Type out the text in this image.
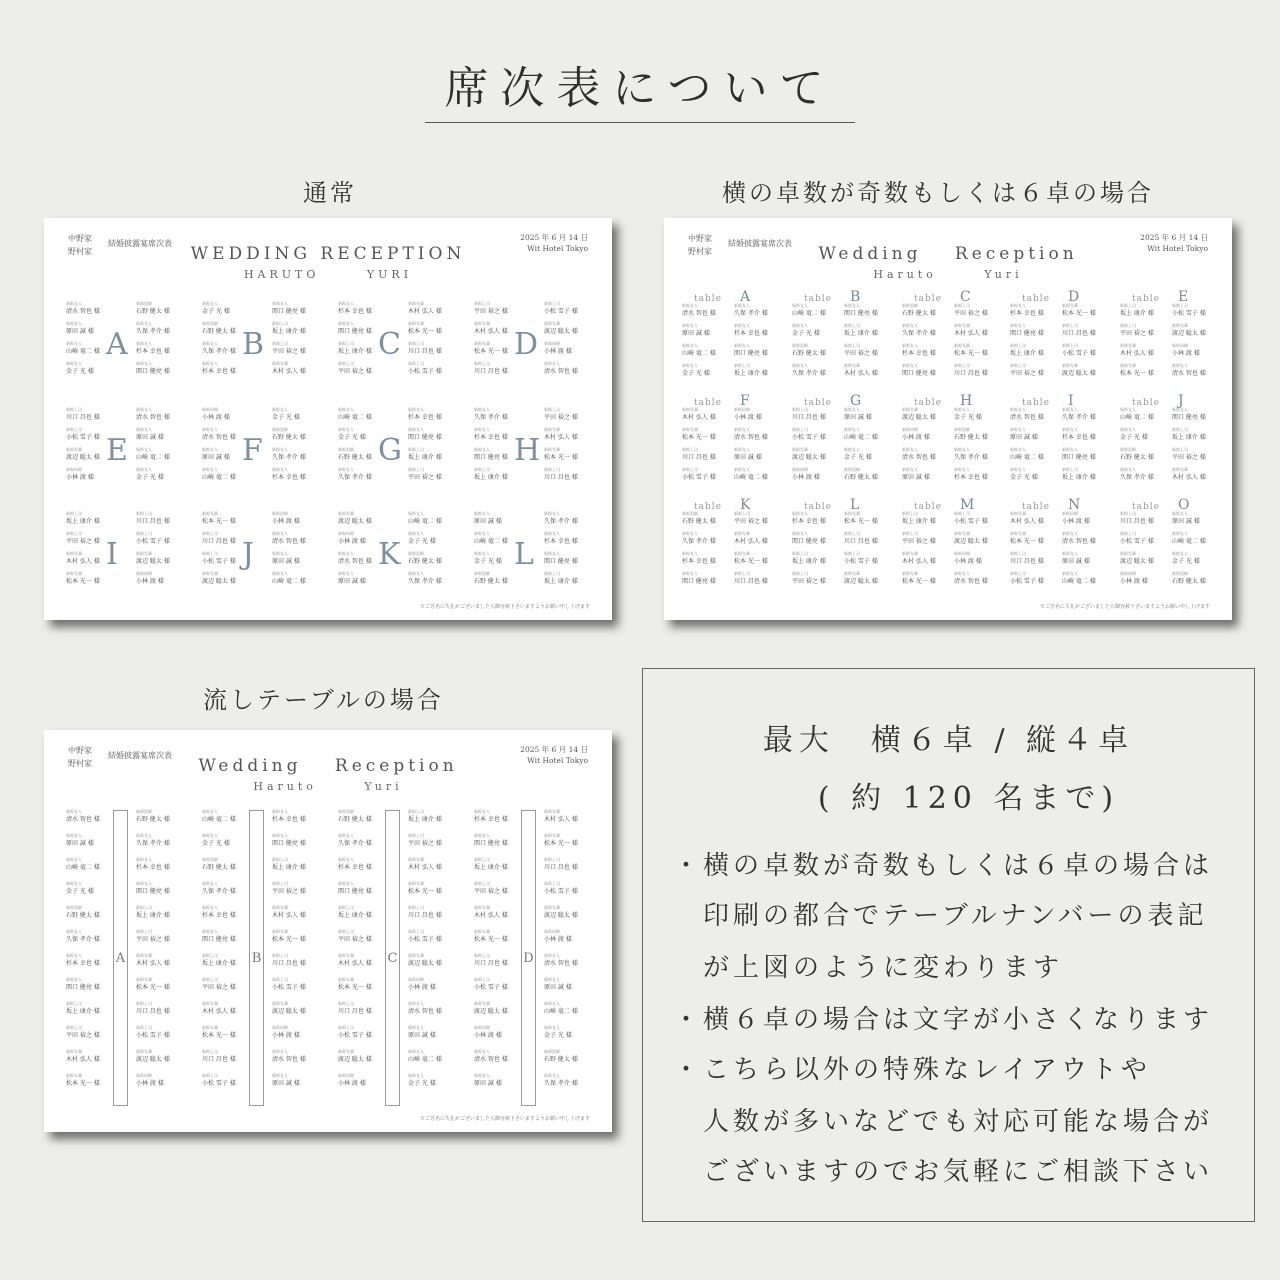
席次表について
通常	横の卓数が奇数もしくは６卓の場合
流しテーブルの場合
中野家
野村家
結婚披露宴席次表
2025 年 6 月 14 日
Wit Hotel Tokyo
WEDDING RECEPTION
HARUTO YURI
※ご芳名に失礼がございましたら御容赦下さいますようお願い申し上げます
新郎友人
清水 智也 様
新郎友人
原田 誠 様
新郎友人
山崎 竜二 様
新郎友人
金子 光 様
新郎恩師
石野 健太 様
新郎友人
久保 孝介 様
新郎友人
杉本 幸也 様
新郎友人
関口 健亮 様
A
新郎友人
金子 光 様
新郎恩師
石野 健太 様
新郎友人
久保 孝介 様
新郎友人
杉本 幸也 様
新郎友人
関口 健亮 様
新郎上司
坂上 康介 様
新郎上司
平田 裕之 様
新郎先輩
木村 弘人 様
B
新郎友人
杉本 幸也 様
新郎友人
関口 健亮 様
新郎上司
坂上 康介 様
新郎上司
平田 裕之 様
新郎先輩
木村 弘人 様
新郎先輩
松本 光一 様
新郎上司
川口 昌也 様
新郎上司
小松 雪子 様
C
新郎上司
平田 裕之 様
新郎先輩
木村 弘人 様
新郎先輩
松本 光一 様
新郎上司
川口 昌也 様
新郎上司
小松 雪子 様
新郎先輩
渡辺 聡太 様
新郎同僚
小林 渡 様
新郎友人
清水 智也 様
D
新郎上司
川口 昌也 様
新郎上司
小松 雪子 様
新郎先輩
渡辺 聡太 様
新郎同僚
小林 渡 様
新郎友人
清水 智也 様
新郎友人
原田 誠 様
新郎友人
山崎 竜二 様
新郎友人
金子 光 様
E
新郎同僚
小林 渡 様
新郎友人
清水 智也 様
新郎友人
原田 誠 様
新郎友人
山崎 竜二 様
新郎友人
金子 光 様
新郎恩師
石野 健太 様
新郎友人
久保 孝介 様
新郎友人
杉本 幸也 様
F
新郎友人
山崎 竜二 様
新郎友人
金子 光 様
新郎恩師
石野 健太 様
新郎友人
久保 孝介 様
新郎友人
杉本 幸也 様
新郎友人
関口 健亮 様
新郎上司
坂上 康介 様
新郎上司
平田 裕之 様
G
新郎友人
久保 孝介 様
新郎友人
杉本 幸也 様
新郎友人
関口 健亮 様
新郎上司
坂上 康介 様
新郎上司
平田 裕之 様
新郎先輩
木村 弘人 様
新郎先輩
松本 光一 様
新郎上司
川口 昌也 様
H
新郎上司
坂上 康介 様
新郎上司
平田 裕之 様
新郎先輩
木村 弘人 様
新郎先輩
松本 光一 様
新郎上司
川口 昌也 様
新郎上司
小松 雪子 様
新郎先輩
渡辺 聡太 様
新郎同僚
小林 渡 様
I
新郎先輩
松本 光一 様
新郎上司
川口 昌也 様
新郎上司
小松 雪子 様
新郎先輩
渡辺 聡太 様
新郎同僚
小林 渡 様
新郎友人
清水 智也 様
新郎友人
原田 誠 様
新郎友人
山崎 竜二 様
J
新郎先輩
渡辺 聡太 様
新郎同僚
小林 渡 様
新郎友人
清水 智也 様
新郎友人
原田 誠 様
新郎友人
山崎 竜二 様
新郎友人
金子 光 様
新郎恩師
石野 健太 様
新郎友人
久保 孝介 様
K
新郎友人
原田 誠 様
新郎友人
山崎 竜二 様
新郎友人
金子 光 様
新郎恩師
石野 健太 様
新郎友人
久保 孝介 様
新郎友人
杉本 幸也 様
新郎友人
関口 健亮 様
新郎上司
坂上 康介 様
L
中野家
野村家
結婚披露宴席次表
2025 年 6 月 14 日
Wit Hotel Tokyo
Wedding Reception
Haruto Yuri
※ご芳名に失礼がございましたら御容赦下さいますようお願い申し上げます
table A
新郎友人
清水 智也 様
新郎友人
原田 誠 様
新郎友人
山崎 竜二 様
新郎友人
金子 光 様
新郎友人
久保 孝介 様
新郎友人
杉本 幸也 様
新郎友人
関口 健亮 様
新郎上司
坂上 康介 様
table B
新郎友人
山崎 竜二 様
新郎友人
金子 光 様
新郎恩師
石野 健太 様
新郎友人
久保 孝介 様
新郎友人
関口 健亮 様
新郎上司
坂上 康介 様
新郎上司
平田 裕之 様
新郎先輩
木村 弘人 様
table C
新郎恩師
石野 健太 様
新郎友人
久保 孝介 様
新郎友人
杉本 幸也 様
新郎友人
関口 健亮 様
新郎上司
平田 裕之 様
新郎先輩
木村 弘人 様
新郎先輩
松本 光一 様
新郎上司
川口 昌也 様
table D
新郎友人
杉本 幸也 様
新郎友人
関口 健亮 様
新郎上司
坂上 康介 様
新郎上司
平田 裕之 様
新郎先輩
松本 光一 様
新郎上司
川口 昌也 様
新郎上司
小松 雪子 様
新郎先輩
渡辺 聡太 様
table E
新郎上司
坂上 康介 様
新郎上司
平田 裕之 様
新郎先輩
木村 弘人 様
新郎先輩
松本 光一 様
新郎上司
小松 雪子 様
新郎先輩
渡辺 聡太 様
新郎同僚
小林 渡 様
新郎友人
清水 智也 様
table F
新郎先輩
木村 弘人 様
新郎先輩
松本 光一 様
新郎上司
川口 昌也 様
新郎上司
小松 雪子 様
新郎同僚
小林 渡 様
新郎友人
清水 智也 様
新郎友人
原田 誠 様
新郎友人
山崎 竜二 様
table G
新郎上司
川口 昌也 様
新郎上司
小松 雪子 様
新郎先輩
渡辺 聡太 様
新郎同僚
小林 渡 様
新郎友人
原田 誠 様
新郎友人
山崎 竜二 様
新郎友人
金子 光 様
新郎恩師
石野 健太 様
table H
新郎先輩
渡辺 聡太 様
新郎同僚
小林 渡 様
新郎友人
清水 智也 様
新郎友人
原田 誠 様
新郎友人
金子 光 様
新郎恩師
石野 健太 様
新郎友人
久保 孝介 様
新郎友人
杉本 幸也 様
table I
新郎友人
清水 智也 様
新郎友人
原田 誠 様
新郎友人
山崎 竜二 様
新郎友人
金子 光 様
新郎友人
久保 孝介 様
新郎友人
杉本 幸也 様
新郎友人
関口 健亮 様
新郎上司
坂上 康介 様
table J
新郎友人
山崎 竜二 様
新郎友人
金子 光 様
新郎恩師
石野 健太 様
新郎友人
久保 孝介 様
新郎友人
関口 健亮 様
新郎上司
坂上 康介 様
新郎上司
平田 裕之 様
新郎先輩
木村 弘人 様
table K
新郎恩師
石野 健太 様
新郎友人
久保 孝介 様
新郎友人
杉本 幸也 様
新郎友人
関口 健亮 様
新郎上司
平田 裕之 様
新郎先輩
木村 弘人 様
新郎先輩
松本 光一 様
新郎上司
川口 昌也 様
table L
新郎友人
杉本 幸也 様
新郎友人
関口 健亮 様
新郎上司
坂上 康介 様
新郎上司
平田 裕之 様
新郎先輩
松本 光一 様
新郎上司
川口 昌也 様
新郎上司
小松 雪子 様
新郎先輩
渡辺 聡太 様
table M
新郎上司
坂上 康介 様
新郎上司
平田 裕之 様
新郎先輩
木村 弘人 様
新郎先輩
松本 光一 様
新郎上司
小松 雪子 様
新郎先輩
渡辺 聡太 様
新郎同僚
小林 渡 様
新郎友人
清水 智也 様
table N
新郎先輩
木村 弘人 様
新郎先輩
松本 光一 様
新郎上司
川口 昌也 様
新郎上司
小松 雪子 様
新郎同僚
小林 渡 様
新郎友人
清水 智也 様
新郎友人
原田 誠 様
新郎友人
山崎 竜二 様
table O
新郎上司
川口 昌也 様
新郎上司
小松 雪子 様
新郎先輩
渡辺 聡太 様
新郎同僚
小林 渡 様
新郎友人
原田 誠 様
新郎友人
山崎 竜二 様
新郎友人
金子 光 様
新郎恩師
石野 健太 様
中野家
野村家
結婚披露宴席次表
2025 年 6 月 14 日
Wit Hotel Tokyo
Wedding Reception
Haruto Yuri
※ご芳名に失礼がございましたら御容赦下さいますようお願い申し上げます
新郎友人
清水 智也 様
新郎友人
原田 誠 様
新郎友人
山崎 竜二 様
新郎友人
金子 光 様
新郎恩師
石野 健太 様
新郎友人
久保 孝介 様
新郎友人
杉本 幸也 様
新郎友人
関口 健亮 様
新郎上司
坂上 康介 様
新郎上司
平田 裕之 様
新郎先輩
木村 弘人 様
新郎先輩
松本 光一 様
新郎恩師
石野 健太 様
新郎友人
久保 孝介 様
新郎友人
杉本 幸也 様
新郎友人
関口 健亮 様
新郎上司
坂上 康介 様
新郎上司
平田 裕之 様
新郎先輩
木村 弘人 様
新郎先輩
松本 光一 様
新郎上司
川口 昌也 様
新郎上司
小松 雪子 様
新郎先輩
渡辺 聡太 様
新郎同僚
小林 渡 様
A
新郎友人
山崎 竜二 様
新郎友人
金子 光 様
新郎恩師
石野 健太 様
新郎友人
久保 孝介 様
新郎友人
杉本 幸也 様
新郎友人
関口 健亮 様
新郎上司
坂上 康介 様
新郎上司
平田 裕之 様
新郎先輩
木村 弘人 様
新郎先輩
松本 光一 様
新郎上司
川口 昌也 様
新郎上司
小松 雪子 様
新郎友人
杉本 幸也 様
新郎友人
関口 健亮 様
新郎上司
坂上 康介 様
新郎上司
平田 裕之 様
新郎先輩
木村 弘人 様
新郎先輩
松本 光一 様
新郎上司
川口 昌也 様
新郎上司
小松 雪子 様
新郎先輩
渡辺 聡太 様
新郎同僚
小林 渡 様
新郎友人
清水 智也 様
新郎友人
原田 誠 様
B
新郎恩師
石野 健太 様
新郎友人
久保 孝介 様
新郎友人
杉本 幸也 様
新郎友人
関口 健亮 様
新郎上司
坂上 康介 様
新郎上司
平田 裕之 様
新郎先輩
木村 弘人 様
新郎先輩
松本 光一 様
新郎上司
川口 昌也 様
新郎上司
小松 雪子 様
新郎先輩
渡辺 聡太 様
新郎同僚
小林 渡 様
新郎上司
坂上 康介 様
新郎上司
平田 裕之 様
新郎先輩
木村 弘人 様
新郎先輩
松本 光一 様
新郎上司
川口 昌也 様
新郎上司
小松 雪子 様
新郎先輩
渡辺 聡太 様
新郎同僚
小林 渡 様
新郎友人
清水 智也 様
新郎友人
原田 誠 様
新郎友人
山崎 竜二 様
新郎友人
金子 光 様
C
新郎友人
杉本 幸也 様
新郎友人
関口 健亮 様
新郎上司
坂上 康介 様
新郎上司
平田 裕之 様
新郎先輩
木村 弘人 様
新郎先輩
松本 光一 様
新郎上司
川口 昌也 様
新郎上司
小松 雪子 様
新郎先輩
渡辺 聡太 様
新郎同僚
小林 渡 様
新郎友人
清水 智也 様
新郎友人
原田 誠 様
新郎先輩
木村 弘人 様
新郎先輩
松本 光一 様
新郎上司
川口 昌也 様
新郎上司
小松 雪子 様
新郎先輩
渡辺 聡太 様
新郎同僚
小林 渡 様
新郎友人
清水 智也 様
新郎友人
原田 誠 様
新郎友人
山崎 竜二 様
新郎友人
金子 光 様
新郎恩師
石野 健太 様
新郎友人
久保 孝介 様
D
最大　横６卓 / 縦４卓
( 約 120 名まで)
・横の卓数が奇数もしくは６卓の場合は
　印刷の都合でテーブルナンバーの表記
　が上図のように変わります
・横６卓の場合は文字が小さくなります
・こちら以外の特殊なレイアウトや
　人数が多いなどでも対応可能な場合が
　ございますのでお気軽にご相談下さい
